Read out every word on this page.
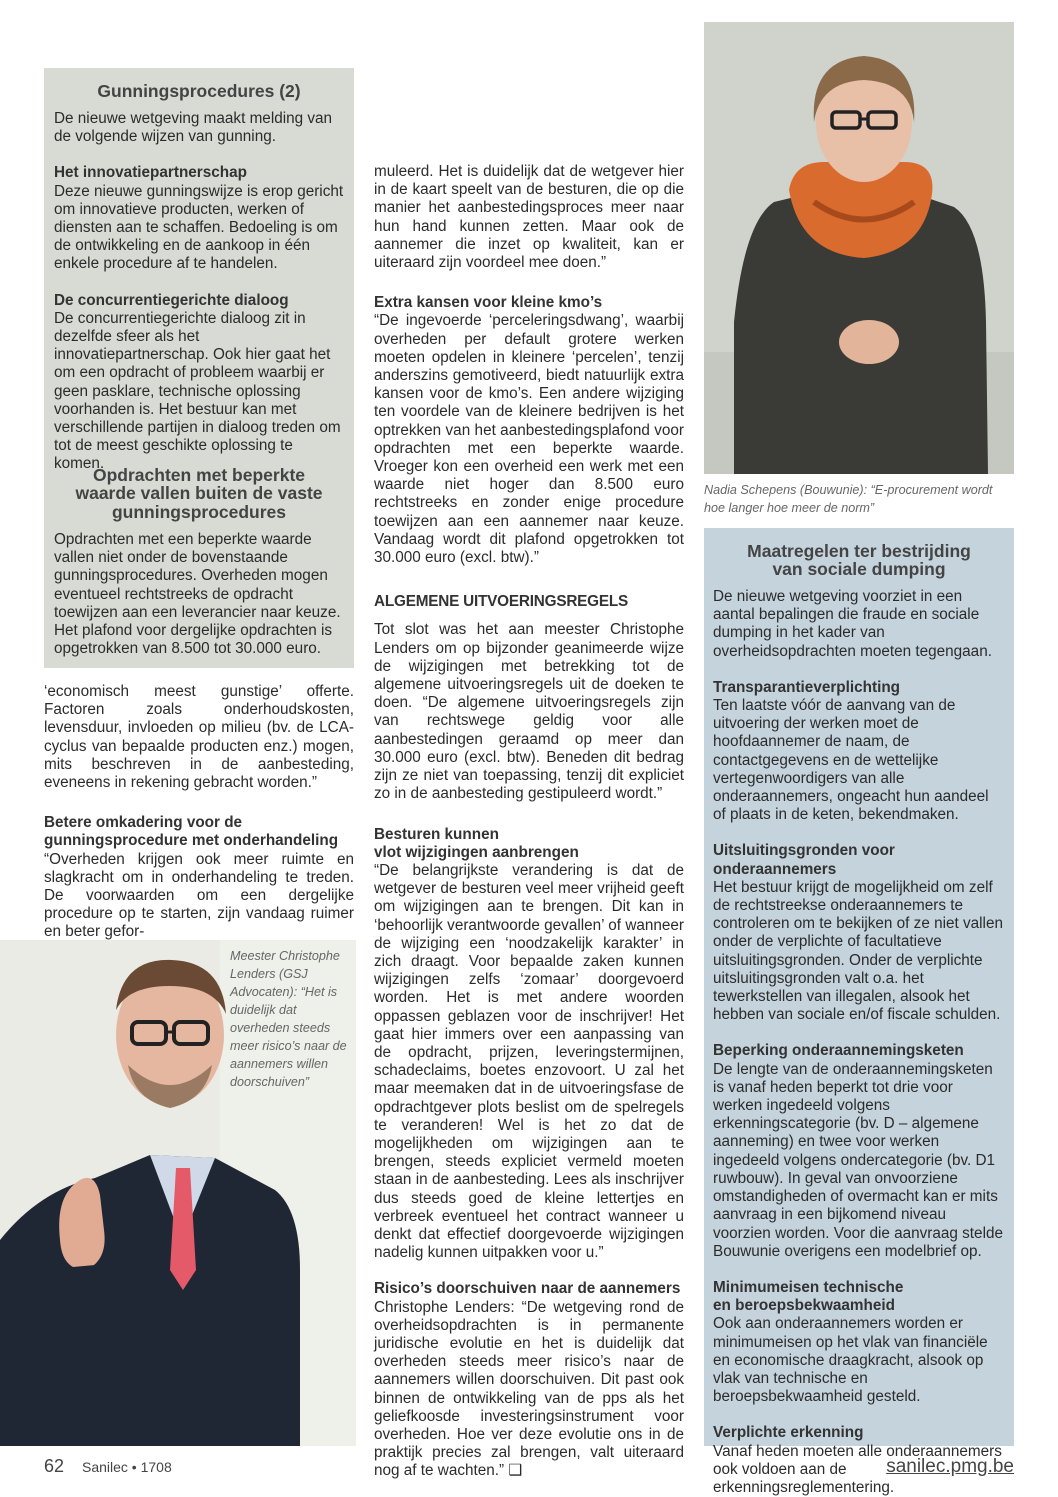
Gunningsprocedures (2)

De nieuwe wetgeving maakt melding van de volgende wijzen van gunning.

Het innovatiepartnerschap

Deze nieuwe gunningswijze is erop gericht om innovatieve producten, werken of diensten aan te schaffen. Bedoeling is om de ontwikkeling en de aankoop in één enkele procedure af te handelen.

De concurrentiegerichte dialoog

De concurrentiegerichte dialoog zit in dezelfde sfeer als het innovatiepartnerschap. Ook hier gaat het om een opdracht of probleem waarbij er geen pasklare, technische oplossing voorhanden is. Het bestuur kan met verschillende partijen in dialoog treden om tot de meest geschikte oplossing te komen.

Opdrachten met beperkte waarde vallen buiten de vaste gunningsprocedures

Opdrachten met een beperkte waarde vallen niet onder de bovenstaande gunningsprocedures. Overheden mogen eventueel rechtstreeks de opdracht toewijzen aan een leverancier naar keuze. Het plafond voor dergelijke opdrachten is opgetrokken van 8.500 tot 30.000 euro.

‘economisch meest gunstige’ offerte. Factoren zoals onderhoudskosten, levensduur, invloeden op milieu (bv. de LCA-cyclus van bepaalde producten enz.) mogen, mits beschreven in de aanbesteding, eveneens in rekening gebracht worden.”

Betere omkadering voor de

gunningsprocedure met onderhandeling

“Overheden krijgen ook meer ruimte en slagkracht om in onderhandeling te treden. De voorwaarden om een dergelijke procedure op te starten, zijn vandaag ruimer en beter gefor-

Meester Christophe Lenders (GSJ Advocaten): “Het is duidelijk dat overheden steeds meer risico’s naar de aannemers willen doorschuiven”

muleerd. Het is duidelijk dat de wetgever hier in de kaart speelt van de besturen, die op die manier het aanbestedingsproces meer naar hun hand kunnen zetten. Maar ook de aannemer die inzet op kwaliteit, kan er uiteraard zijn voordeel mee doen.”

Extra kansen voor kleine kmo’s

“De ingevoerde ‘perceleringsdwang’, waarbij overheden per default grotere werken moeten opdelen in kleinere ‘percelen’, tenzij anderszins gemotiveerd, biedt natuurlijk extra kansen voor de kmo’s. Een andere wijziging ten voordele van de kleinere bedrijven is het optrekken van het aanbestedingsplafond voor opdrachten met een beperkte waarde. Vroeger kon een overheid een werk met een waarde niet hoger dan 8.500 euro rechtstreeks en zonder enige procedure toewijzen aan een aannemer naar keuze. Vandaag wordt dit plafond opgetrokken tot 30.000 euro (excl. btw).”

ALGEMENE UITVOERINGSREGELS

Tot slot was het aan meester Christophe Lenders om op bijzonder geanimeerde wijze de wijzigingen met betrekking tot de algemene uitvoeringsregels uit de doeken te doen. “De algemene uitvoeringsregels zijn van rechtswege geldig voor alle aanbestedingen geraamd op meer dan 30.000 euro (excl. btw). Beneden dit bedrag zijn ze niet van toepassing, tenzij dit expliciet zo in de aanbesteding gestipuleerd wordt.”

Besturen kunnen

vlot wijzigingen aanbrengen

“De belangrijkste verandering is dat de wetgever de besturen veel meer vrijheid geeft om wijzigingen aan te brengen. Dit kan in ‘behoorlijk verantwoorde gevallen’ of wanneer de wijziging een ‘noodzakelijk karakter’ in zich draagt. Voor bepaalde zaken kunnen wijzigingen zelfs ‘zomaar’ doorgevoerd worden. Het is met andere woorden oppassen geblazen voor de inschrijver! Het gaat hier immers over een aanpassing van de opdracht, prijzen, leveringstermijnen, schadeclaims, boetes enzovoort. U zal het maar meemaken dat in de uitvoeringsfase de opdrachtgever plots beslist om de spelregels te veranderen! Wel is het zo dat de mogelijkheden om wijzigingen aan te brengen, steeds expliciet vermeld moeten staan in de aanbesteding. Lees als inschrijver dus steeds goed de kleine lettertjes en verbreek eventueel het contract wanneer u denkt dat effectief doorgevoerde wijzigingen nadelig kunnen uitpakken voor u.”

Risico’s doorschuiven naar de aannemers

Christophe Lenders: “De wetgeving rond de overheidsopdrachten is in permanente juridische evolutie en het is duidelijk dat overheden steeds meer risico’s naar de aannemers willen doorschuiven. Dit past ook binnen de ontwikkeling van de pps als het geliefkoosde investeringsinstrument voor overheden. Hoe ver deze evolutie ons in de praktijk precies zal brengen, valt uiteraard nog af te wachten.” ❑

Nadia Schepens (Bouwunie): “E-procurement wordt hoe langer hoe meer de norm”

Maatregelen ter bestrijding van sociale dumping

De nieuwe wetgeving voorziet in een aantal bepalingen die fraude en sociale dumping in het kader van overheidsopdrachten moeten tegengaan.

Transparantieverplichting

Ten laatste vóór de aanvang van de uitvoering der werken moet de hoofdaannemer de naam, de contactgegevens en de wettelijke vertegenwoordigers van alle onderaannemers, ongeacht hun aandeel of plaats in de keten, bekendmaken.

Uitsluitingsgronden voor onderaannemers

Het bestuur krijgt de mogelijkheid om zelf de rechtstreekse onderaannemers te controleren om te bekijken of ze niet vallen onder de verplichte of facultatieve uitsluitingsgronden. Onder de verplichte uitsluitingsgronden valt o.a. het tewerkstellen van illegalen, alsook het hebben van sociale en/of fiscale schulden.

Beperking onderaannemingsketen

De lengte van de onderaannemingsketen is vanaf heden beperkt tot drie voor werken ingedeeld volgens erkenningscategorie (bv. D – algemene aanneming) en twee voor werken ingedeeld volgens ondercategorie (bv. D1 ruwbouw). In geval van onvoorziene omstandigheden of overmacht kan er mits aanvraag in een bijkomend niveau voorzien worden. Voor die aanvraag stelde Bouwunie overigens een modelbrief op.

Minimumeisen technische

en beroepsbekwaamheid

Ook aan onderaannemers worden er minimumeisen op het vlak van financiële en economische draagkracht, alsook op vlak van technische en beroepsbekwaamheid gesteld.

Verplichte erkenning

Vanaf heden moeten alle onderaannemers ook voldoen aan de erkenningsreglementering.

62 Sanilec • 1708	sanilec.pmg.be
